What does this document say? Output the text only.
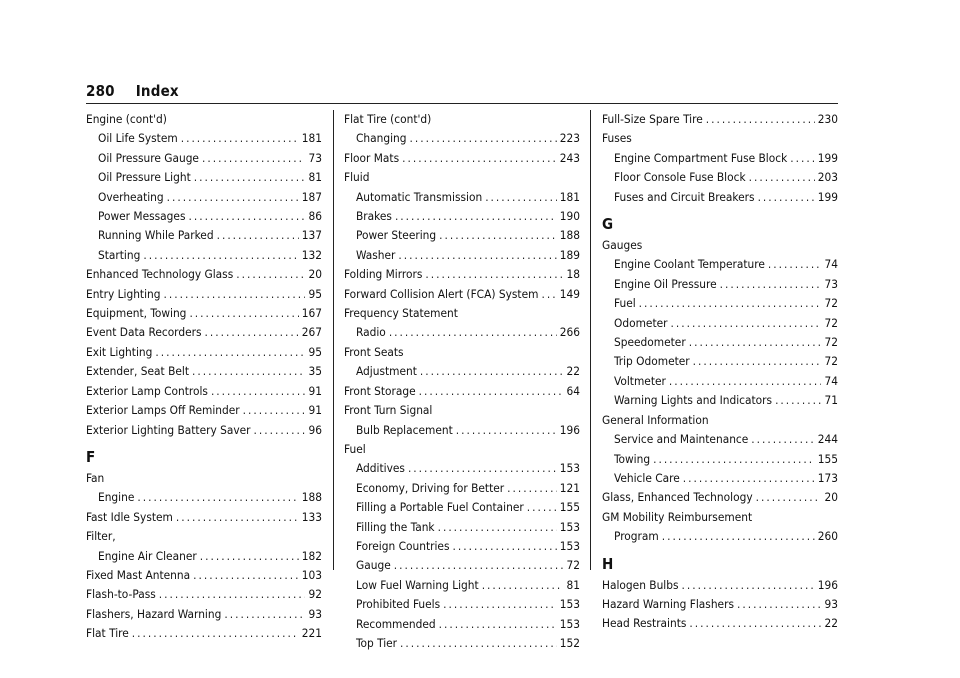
280 Index
Engine (cont'd)
Oil Life System .....	181
Oil Pressure Gauge .....	73
Oil Pressure Light .....	81
Overheating .....	187
Power Messages .....	86
Running While Parked .....	137
Starting .....	132
Enhanced Technology Glass .....	20
Entry Lighting .....	95
Equipment, Towing .....	167
Event Data Recorders .....	267
Exit Lighting .....	95
Extender, Seat Belt .....	35
Exterior Lamp Controls .....	91
Exterior Lamps Off Reminder .....	91
Exterior Lighting Battery Saver .....	96
F
Fan
Engine .....	188
Fast Idle System .....	133
Filter,
Engine Air Cleaner .....	182
Fixed Mast Antenna .....	103
Flash-to-Pass .....	92
Flashers, Hazard Warning .....	93
Flat Tire .....	221
Flat Tire (cont'd)
Changing .....	223
Floor Mats .....	243
Fluid
Automatic Transmission .....	181
Brakes .....	190
Power Steering .....	188
Washer .....	189
Folding Mirrors .....	18
Forward Collision Alert (FCA) System ..... 149
Frequency Statement
Radio .....	266
Front Seats
Adjustment .....	22
Front Storage .....	64
Front Turn Signal
Bulb Replacement .....	196
Fuel
Additives .....	153
Economy, Driving for Better .....	121
Filling a Portable Fuel Container .....	155
Filling the Tank .....	153
Foreign Countries .....	153
Gauge .....	72
Low Fuel Warning Light .....	81
Prohibited Fuels .....	153
Recommended .....	153
Top Tier .....	152
Full-Size Spare Tire .....	230
Fuses
Engine Compartment Fuse Block .....	199
Floor Console Fuse Block .....	203
Fuses and Circuit Breakers .....	199
G
Gauges
Engine Coolant Temperature .....	74
Engine Oil Pressure .....	73
Fuel .....	72
Odometer .....	72
Speedometer .....	72
Trip Odometer .....	72
Voltmeter .....	74
Warning Lights and Indicators .....	71
General Information
Service and Maintenance .....	244
Towing .....	155
Vehicle Care .....	173
Glass, Enhanced Technology .....	20
GM Mobility Reimbursement
Program .....	260
H
Halogen Bulbs .....	196
Hazard Warning Flashers .....	93
Head Restraints .....	22
